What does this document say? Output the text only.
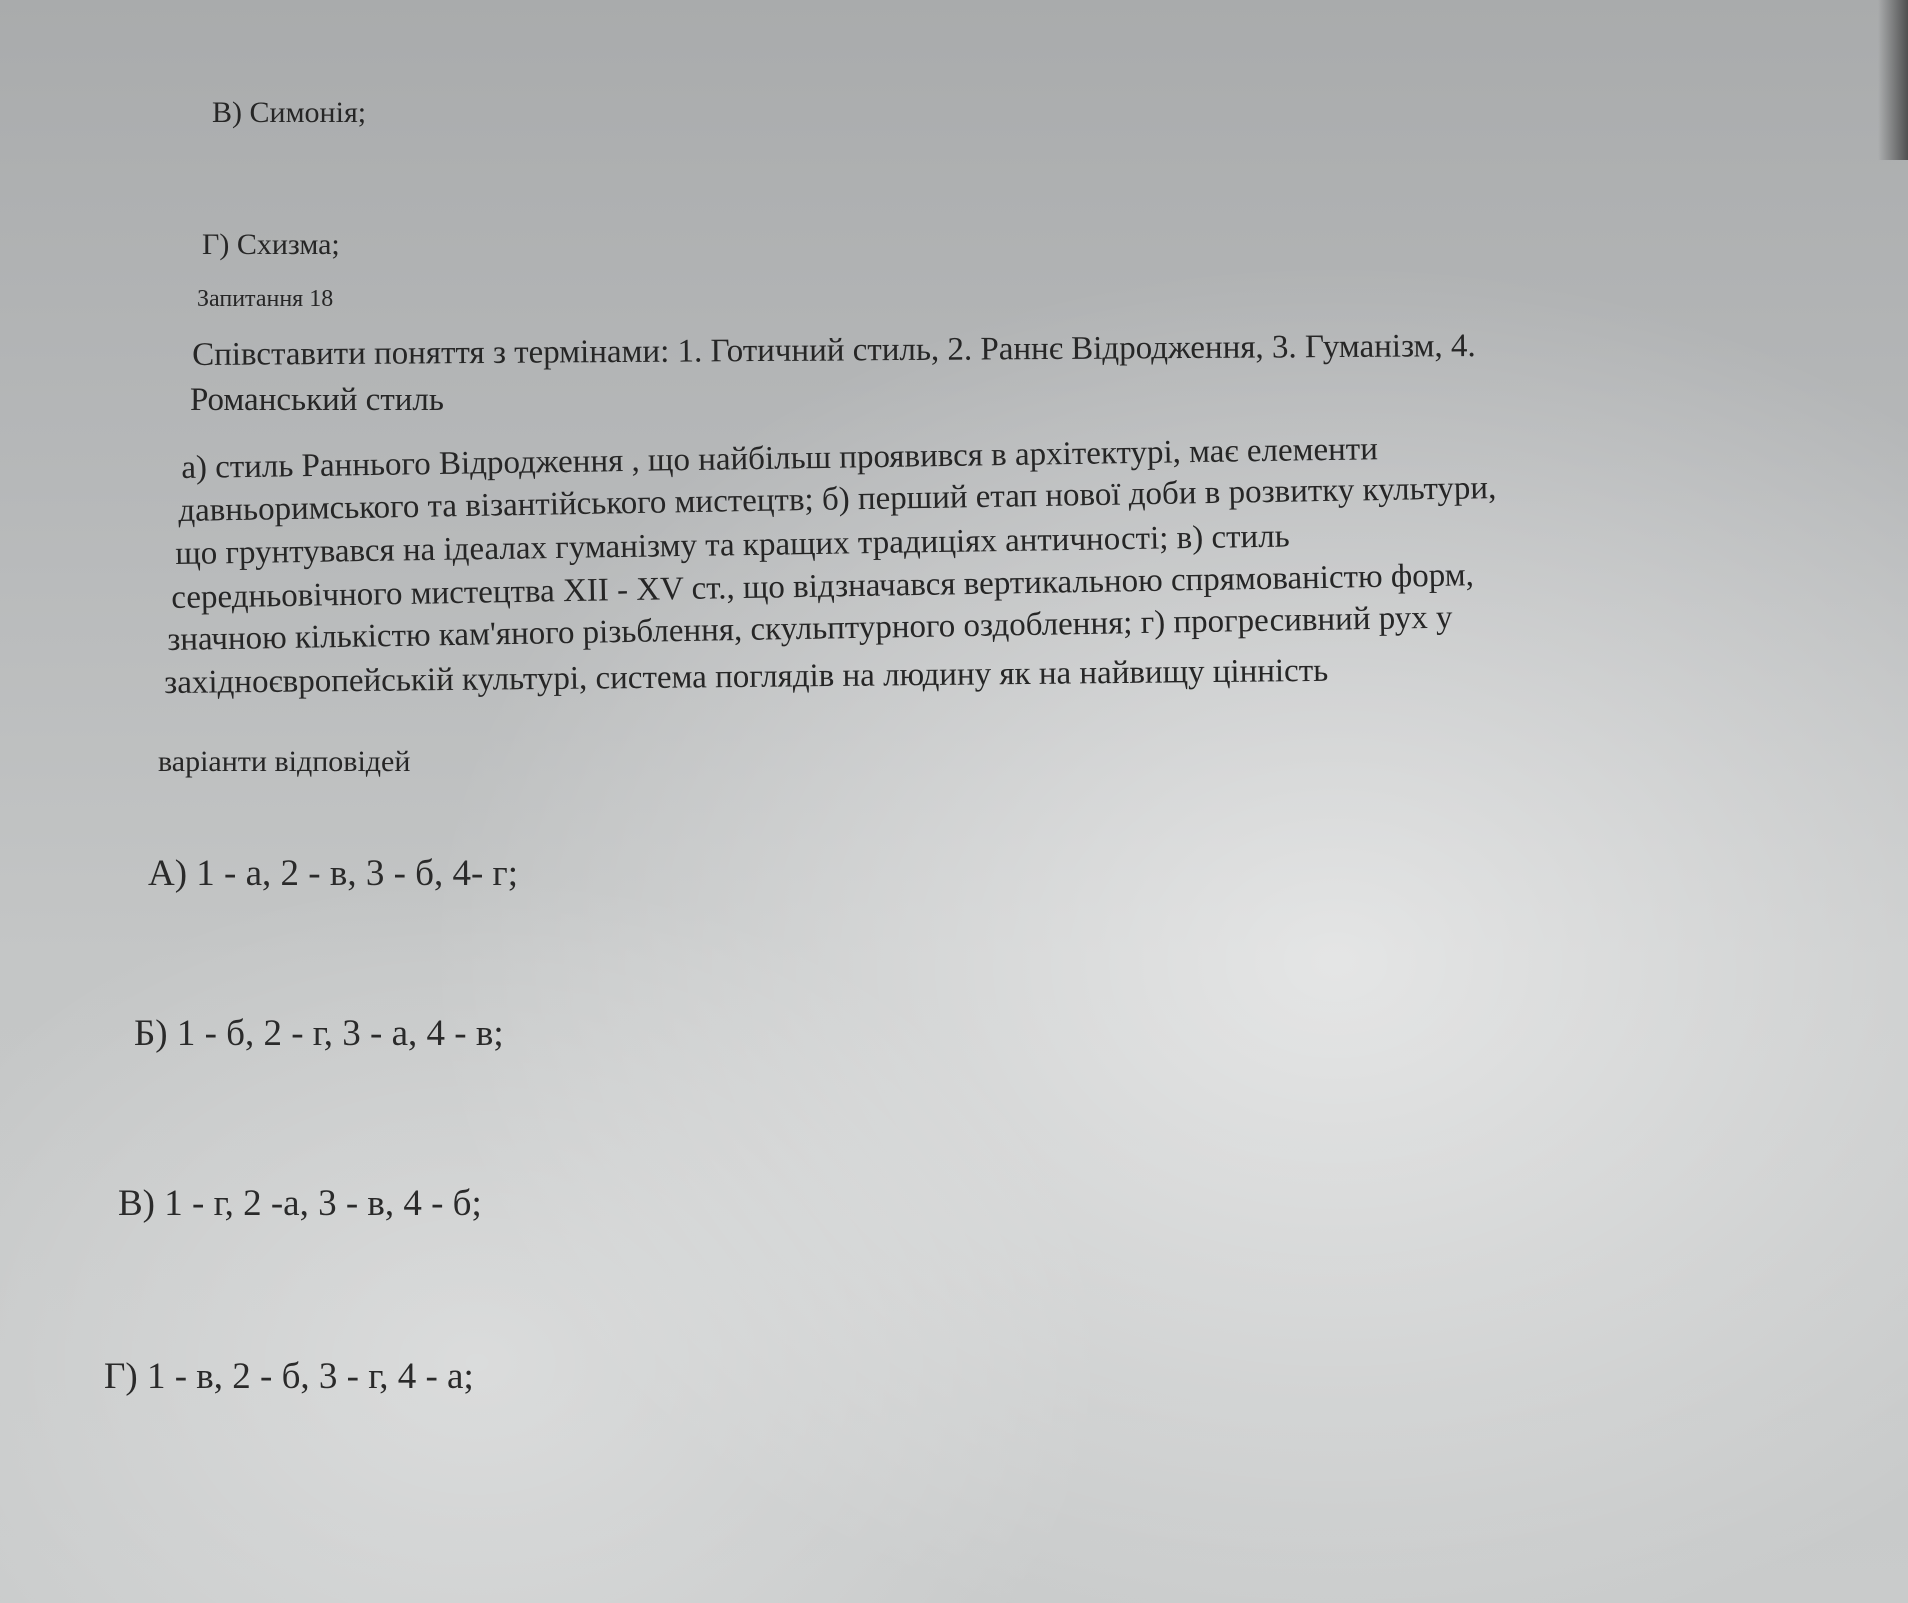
В) Симонія;
Г) Схизма;
Запитання 18
Співставити поняття з термінами: 1. Готичний стиль, 2. Раннє Відродження, 3. Гуманізм, 4.
Романський стиль
а) стиль Раннього Відродження , що найбільш проявився в архітектурі, має елементи
давньоримського та візантійського мистецтв; б) перший етап нової доби в розвитку культури,
що грунтувався на ідеалах гуманізму та кращих традиціях античності; в) стиль
середньовічного мистецтва XII - XV ст., що відзначався вертикальною спрямованістю форм,
значною кількістю кам'яного різьблення, скульптурного оздоблення; г) прогресивний рух у
західноєвропейській культурі, система поглядів на людину як на найвищу цінність
варіанти відповідей
А) 1 - а, 2 - в, 3 - б, 4- г;
Б) 1 - б, 2 - г, 3 - а, 4 - в;
В) 1 - г, 2 -а, 3 - в, 4 - б;
Г) 1 - в, 2 - б, 3 - г, 4 - а;
